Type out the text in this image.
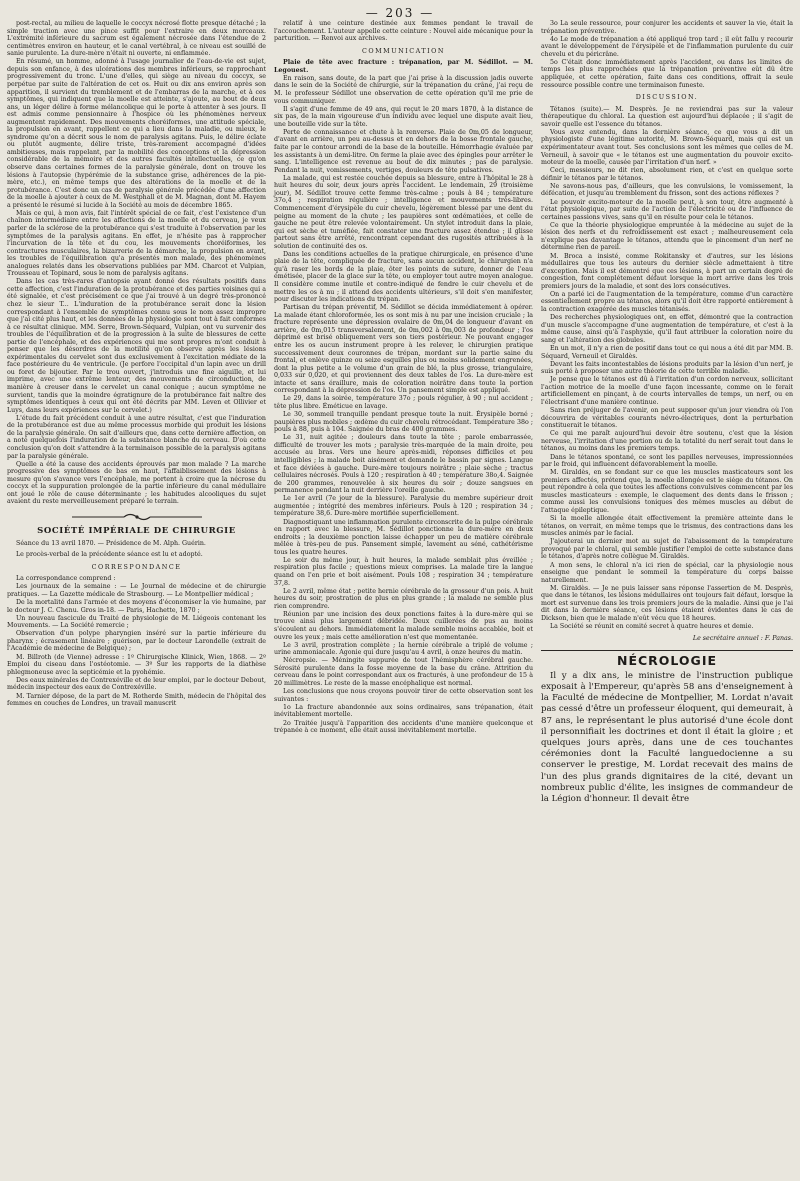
— 203 —

post-rectal, au milieu de laquelle le coccyx nécrosé flotte presque détaché ; la simple traction avec une pince suffit pour l'extraire en deux morceaux. L'extrémité inférieure du sacrum est également nécrosée dans l'étendue de 2 centimètres environ en hauteur, et le canal vertébral, à ce niveau est souillé de sanie purulente. La dure-mère n'était ni ouverte, ni enflammée.

En résumé, un homme, adonné à l'usage journalier de l'eau-de-vie est sujet, depuis son enfance, à des ulcérations des membres inférieurs, se rapprochant progressivement du tronc. L'une d'elles, qui siège au niveau du coccyx, se perpétue par suite de l'altération de cet os. Huit ou dix ans environ après son apparition, il survient du tremblement et de l'embarras de la marche, et à ces symptômes, qui indiquent que la moelle est atteinte, s'ajoute, au bout de deux ans, un léger délire à forme mélancolique qui le porte à attenter à ses jours. Il est admis comme pensionnaire à l'hospice où les phénomènes nerveux augmentent rapidement. Des mouvements choréiformes, une attitude spéciale, la propulsion en avant, rappellent ce qui a lieu dans la maladie, ou mieux, le syndrome qu'on a décrit sous le nom de paralysis agitans. Puis, le délire éclate ou plutôt augmente, délire triste, très-rarement accompagné d'idées ambitieuses, mais rappelant, par la mobilité des conceptions et la dépression considérable de la mémoire et des autres facultés intellectuelles, ce qu'on observe dans certaines formes de la paralysie générale, dont on trouve les lésions à l'autopsie (hypérémie de la substance grise, adhérences de la pie-mère, etc.), en même temps que des altérations de la moelle et de la protubérance. C'est donc un cas de paralysie générale précédée d'une affection de la moelle à ajouter à ceux de M. Westphall et de M. Magnan, dont M. Hayem a présenté le résumé si lucide à la Société au mois de décembre 1865.

Mais ce qui, à mon avis, fait l'intérêt spécial de ce fait, c'est l'existence d'un chaînon intermédiaire entre les affections de la moelle et du cerveau, je veux parler de la sclérose de la protubérance qui s'est traduite à l'observation par les symptômes de la paralysis agitans. En effet, je n'hésite pas à rapprocher l'incurvation de la tête et du cou, les mouvements choréiformes, les contractures musculaires, la bizarrerie de la démarche, la propulsion en avant, les troubles de l'équilibration qu'a présentés mon malade, des phénomènes analogues relatés dans les observations publiées par MM. Charcot et Vulpian, Trousseau et Topinard, sous le nom de paralysis agitans.

Dans les cas très-rares d'antopsie ayant donné des résultats positifs dans cette affection, c'est l'induration de la protubérance et des parties voisines qui a été signalée, et c'est précisément ce que j'ai trouvé à un degré très-prononcé chez le sieur T... L'induration de la protubérance serait donc la lésion correspondant à l'ensemble de symptômes connu sous le nom assez impropre que j'ai cité plus haut, et les données de la physiologie sont tout à fait conformes à ce résultat clinique. MM. Serre, Brown-Séquard, Vulpian, ont vu survenir des troubles de l'équilibration et de la progression à la suite de blessures de cette partie de l'encéphale, et des expériences qui me sont propres m'ont conduit à penser que les désordres de la motilité qu'on observe après les lésions expérimentales du cervelet sont dus exclusivement à l'excitation médiate de la face postérieure du 4e ventricule. (Je perfore l'occipital d'un lapin avec un drill ou foret de bijoutier. Par le trou ouvert, j'introduis une fine aiguille, et lui imprime, avec une extrême lenteur, des mouvements de circonduction, de manière à creuser dans le cervelet un canal conique ; aucun symptôme ne survient, tandis que la moindre égratignure de la protubérance fait naître des symptômes identiques à ceux qui ont été décrits par MM. Leven et Ollivier et Luys, dans leurs expériences sur le cervelet.)

L'étude du fait précédent conduit à une autre résultat, c'est que l'induration de la protubérance est due au même processus morbide qui produit les lésions de la paralysie générale. On sait d'ailleurs que, dans cette dernière affection, on a noté quelquefois l'induration de la substance blanche du cerveau. D'où cette conclusion qu'on doit s'attendre à la terminaison possible de la paralysis agitans par la paralysie générale.

Quelle a été la cause des accidents éprouvés par mon malade ? La marche progressive des symptômes de bas en haut, l'affaiblissement des lésions à mesure qu'on s'avance vers l'encéphale, me portent à croire que la nécrose du coccyx et la suppuration prolongée de la partie inférieure du canal médullaire ont joué le rôle de cause déterminante ; les habitudes alcooliques du sujet avaient du reste merveilleusement préparé le terrain.

SOCIÉTÉ IMPÉRIALE DE CHIRURGIE

Séance du 13 avril 1870. — Présidence de M. Alph. Guérin.

Le procès-verbal de la précédente séance est lu et adopté.

CORRESPONDANCE

La correspondance comprend :

Les journaux de la semaine : — Le Journal de médecine et de chirurgie pratiques. — La Gazette médicale de Strasbourg. — Le Montpellier médical ;

De la mortalité dans l'armée et des moyens d'économiser la vie humaine, par le docteur J. C. Chenu. Gros in-18. — Paris, Hachette, 1870 ;

Un nouveau fascicule du Traité de physiologie de M. Liégeois contenant les Mouvements. — La Société remercie ;

Observation d'un polype pharyngien inséré sur la partie inférieure du pharynx ; écrasement linéaire ; guérison, par le docteur Larondelle (extrait de l'Académie de médecine de Belgique) ;

M. Billroth (de Vienne) adresse : 1º Chirurgische Klinick, Wien, 1868. — 2º Emploi du ciseau dans l'ostéotomie. — 3º Sur les rapports de la diathèse phlegmoneuse avec la septicémie et la pyohémie.

Des eaux minérales de Contrexéville et de leur emploi, par le docteur Debout, médecin inspecteur des eaux de Contrexéville.

M. Tarnier dépose, de la part de M. Rotherde Smith, médecin de l'hôpital des femmes en couches de Londres, un travail manuscrit

relatif à une ceinture destinée aux femmes pendant le travail de l'accouchement. L'auteur appelle cette ceinture : Nouvel aide mécanique pour la parturition. — Renvoi aux archives.

COMMUNICATION

Plaie de tête avec fracture : trépanation, par M. Sédillot. — M. Legouest.

En raison, sans doute, de la part que j'ai prise à la discussion jadis ouverte dans le sein de la Société de chirurgie, sur la trépanation du crâne, j'ai reçu de M. le professeur Sédillot une observation de cette opération qu'il me prie de vous communiquer.

Il s'agit d'une femme de 49 ans, qui reçut le 20 mars 1870, à la distance de six pas, de la main vigoureuse d'un individu avec lequel une dispute avait lieu, une bouteille vide sur la tête.

Perte de connaissance et chute à la renverse. Plaie de 0m,05 de longueur, d'avant en arrière, un peu au-dessus et en dehors de la bosse frontale gauche, faite par le contour arrondi de la base de la bouteille. Hémorrhagie évaluée par les assistants à un demi-litre. On ferme la plaie avec des épingles pour arrêter le sang. L'intelligence est revenue au bout de dix minutes ; pas de paralysie. Pendant la nuit, vomissements, vertiges, douleurs de tête pulsatives.

La malade, qui est restée couchée depuis sa blessure, entre à l'hôpital le 28 à huit heures du soir, deux jours après l'accident. Le lendemain, 29 (troisième jour), M. Sédillot trouve cette femme très-calme ; pouls à 84 ; température 37o,4 ; respiration régulière ; intelligence et mouvements très-libres. Commencement d'érysipèle du cuir chevelu, légèrement blessé par une dent du peigne au moment de la chute ; les paupières sont œdématiées, et celle de gauche ne peut être relevée volontairement. Un stylet introduit dans la plaie, qui est sèche et tuméfiée, fait constater une fracture assez étendue ; il glisse partout sans être arrêté, rencontrant cependant des rugosités attribuées à la solution de continuité des os.

Dans les conditions actuelles de la pratique chirurgicale, en présence d'une plaie de la tête, compliquée de fracture, sans aucun accident, le chirurgien n'a qu'à raser les bords de la plaie, ôter les points de suture, donner de l'eau émétisée, placer de la glace sur la tête, ou employer tout autre moyen analogue. Il considère comme inutile et contre-indiqué de fendre le cuir chevelu et de mettre les os à nu ; il attend des accidents ultérieurs, s'il doit s'en manifester, pour discuter les indications du trépan.

Partisan du trépan préventif, M. Sédillot se décida immédiatement à opérer. La malade étant chloroformée, les os sont mis à nu par une incision cruciale ; la fracture représente une dépression ovalaire de 0m,04 de longueur d'avant en arrière, de 0m,015 transversalement, de 0m,002 à 0m,003 de profondeur ; l'os déprimé est brisé obliquement vers son tiers postérieur. Ne pouvant engager entre les os aucun instrument propre à les relever, le chirurgien pratique successivement deux couronnes de trépan, mordant sur la partie saine du frontal, et enlève quinze ou seize esquilles plus ou moins solidement engrenées, dont la plus petite a le volume d'un grain de blé, la plus grosse, triangulaire, 0,033 sur 0,020, et qui proviennent des deux tables de l'os. La dure-mère est intacte et sans éraillure, mais de coloration noirâtre dans toute la portion correspondant à la dépression de l'os. Un pansement simple est appliqué.

Le 29, dans la soirée, température 37o ; pouls régulier, à 90 ; nul accident ; tête plus libre. Éméticue en lavage.

Le 30, sommeil tranquille pendant presque toute la nuit. Érysipèle borné ; paupières plus mobiles ; œdème du cuir chevelu rétrocédant. Température 38o ; pouls à 88, puis à 104. Saignée du bras de 400 grammes.

Le 31, nuit agitée ; douleurs dans toute la tête ; parole embarrassée, difficulté de trouver les mots ; paralysie très-marquée de la main droite, peu accusée au bras. Vers une heure après-midi, réponses difficiles et peu intelligibles ; la malade boit aisément et demande le bassin par signes. Langue et face déviées à gauche. Dure-mère toujours noirâtre ; plaie sèche ; tractus cellulaires nécrosés. Pouls à 120 ; respiration à 40 ; température 38o,4. Saignée de 200 grammes, renouvelée à six heures du soir ; douze sangsues en permanence pendant la nuit derrière l'oreille gauche.

Le 1er avril (7e jour de la blessure). Paralysie du membre supérieur droit augmentée ; intégrité des membres inférieurs. Pouls à 120 ; respiration 34 ; température 38,6. Dure-mère mortifiée superficiellement.

Diagnostiquant une inflammation purulente circonscrite de la pulpe cérébrale en rapport avec la blessure, M. Sédillot ponctionne la dure-mère en deux endroits ; la deuxième ponction laisse échapper un peu de matière cérébrale mêlée à très-peu de pus. Pansement simple, lavement au séné, cathétérisme tous les quatre heures.

Le soir du même jour, à huit heures, la malade semblait plus éveillée ; respiration plus facile ; questions mieux comprises. La malade tire la langue quand on l'en prie et boit aisément. Pouls 108 ; respiration 34 ; température 37,8.

Le 2 avril, même état ; petite hernie cérébrale de la grosseur d'un pois. A huit heures du soir, prostration de plus en plus grande ; la malade ne semble plus rien comprendre.

Réunion par une incision des deux ponctions faites à la dure-mère qui se trouve ainsi plus largement débridée. Deux cuillerées de pus au moins s'écoulent au dehors. Immédiatement la malade semble moins accablée, boit et ouvre les yeux ; mais cette amélioration n'est que momentanée.

Le 3 avril, prostration complète ; la hernie cérébrale a triplé de volume ; urine ammoniacale. Agonie qui dure jusqu'au 4 avril, à onze heures du matin.

Nécropsie. — Méningite suppurée de tout l'hémisphère cérébral gauche. Sérosité purulente dans la fosse moyenne de la base du crâne. Attrition du cerveau dans le point correspondant aux os fracturés, à une profondeur de 15 à 20 millimètres. Le reste de la masse encéphalique est normal.

Les conclusions que nous croyons pouvoir tirer de cette observation sont les suivantes :

1o La fracture abandonnée aux soins ordinaires, sans trépanation, était inévitablement mortelle.

2o Traitée jusqu'à l'apparition des accidents d'une manière quelconque et trépanée à ce moment, elle était aussi inévitablement mortelle.

3o La seule ressource, pour conjurer les accidents et sauver la vie, était la trépanation préventive.

4o Le mode de trépanation a été appliqué trop tard ; il eût fallu y recourir avant le développement de l'érysipèle et de l'inflammation purulente du cuir chevelu et du péricrâne.

5o C'était donc immédiatement après l'accident, ou dans les limites de temps les plus rapprochées que la trépanation préventive eût dû être appliquée, et cette opération, faite dans ces conditions, offrait la seule ressource possible contre une terminaison funeste.

DISCUSSION.

Tétanos (suite).— M. Desprès. Je ne reviendrai pas sur la valeur thérapeutique du chloral. La question est aujourd'hui déplacée ; il s'agit de savoir quelle est l'essence du tétanos.

Vous avez entendu, dans la dernière séance, ce que vous a dit un physiologiste d'une légitime autorité, M. Brown-Séquard, mais qui est un expérimentateur avant tout. Ses conclusions sont les mêmes que celles de M. Verneuil, à savoir que « le tétanos est une augmentation du pouvoir excito-moteur de la moelle, causée par l'irritation d'un nerf. »

Ceci, messieurs, ne dit rien, absolument rien, et c'est en quelque sorte définir le tétanos par le tétanos.

Ne savons-nous pas, d'ailleurs, que les convulsions, le vomissement, la défécation, et jusqu'au tremblement du frisson, sont des actions réflexes ?

Le pouvoir excito-moteur de la moelle peut, à son tour, être augmenté à l'état physiologique, par suite de l'action de l'électricité ou de l'influence de certaines passions vives, sans qu'il en résulte pour cela le tétanos.

Ce que la théorie physiologique empruntée à la médecine au sujet de la lésion des nerfs et du refroidissement est exact ; malheureusement cela n'explique pas davantage le tétanos, attendu que le pincement d'un nerf ne détermine rien de pareil.

M. Broca a insisté, comme Rokitansky et d'autres, sur les lésions médullaires que tous les auteurs du dernier siècle admettaient à titre d'exception. Mais il est démontré que ces lésions, à part un certain degré de congestion, font complétement défaut lorsque la mort arrive dans les trois premiers jours de la maladie, et sont des lors consécutives.

On a parlé ici de l'augmentation de la température, comme d'un caractère essentiellement propre au tétanos, alors qu'il doit être rapporté entièrement à la contraction exagérée des muscles tétanisés.

Des recherches physiologiques ont, en effet, démontré que la contraction d'un muscle s'accompagne d'une augmentation de température, et c'est à la même cause, ainsi qu'à l'asphyxie, qu'il faut attribuer la coloration noire du sang et l'altération des globules.

En un mot, il n'y a rien de positif dans tout ce qui nous a été dit par MM. B. Séquard, Verneuil et Giraldès.

Devant les faits incontestables de lésions produits par la lésion d'un nerf, je suis porté à proposer une autre théorie de cette terrible maladie.

Je pense que le tétanos est dû à l'irritation d'un cordon nerveux, sollicitant l'action motrice de la moelle d'une façon incessante, comme on le ferait artificiellement en pinçant, à de courts intervalles de temps, un nerf, ou en l'électrisant d'une manière continue.

Sans rien préjuger de l'avenir, on peut supposer qu'un jour viendra où l'on découvrira de véritables courants névro-électriques, dont la perturbation constituerait le tétanos.

Ce qui me paraît aujourd'hui devoir être soutenu, c'est que la lésion nerveuse, l'irritation d'une portion ou de la totalité du nerf serait tout dans le tétanos, au moins dans les premiers temps.

Dans le tétanos spontané, ce sont les papilles nerveuses, impressionnées par le froid, qui influencent défavorablement la moelle.

M. Giraldès, en se fondant sur ce que les muscles masticateurs sont les premiers affectés, prétend que, la moelle allongée est le siége du tétanos. On peut répondre à cela que toutes les affections convulsives commencent par les muscles masticateurs : exemple, le claquement des dents dans le frisson ; comme aussi les convulsions toniques des mêmes muscles au début de l'attaque épileptique.

Si la moelle allongée était effectivement la première atteinte dans le tétanos, on verrait, en même temps que le trismus, des contractions dans les muscles animés par le facial.

J'ajouterai un dernier mot au sujet de l'abaissement de la température provoqué par le chloral, qui semble justifier l'emploi de cette substance dans le tétanos, d'après notre collègue M. Giraldès.

A mon sens, le chloral n'a ici rien de spécial, car la physiologie nous enseigne que pendant le sommeil la température du corps baisse naturellement.

M. Giraldès. — Je ne puis laisser sans réponse l'assertion de M. Desprès, que dans le tétanos, les lésions médullaires ont toujours fait défaut, lorsque la mort est survenue dans les trois premiers jours de la maladie. Ainsi que je l'ai dit dans la dernière séance, ces lésions étaient évidentes dans le cas de Dickson, bien que le malade n'eût vécu que 18 heures.

La Société se réunit en comité secret à quatre heures et demie.

Le secrétaire annuel : F. Panas.

NÉCROLOGIE

Il y a dix ans, le ministre de l'instruction publique exposait à l'Empereur, qu'après 58 ans d'enseignement à la Faculté de médecine de Montpellier, M. Lordat n'avait pas cessé d'être un professeur éloquent, qui demeurait, à 87 ans, le représentant le plus autorisé d'une école dont il personnifiait les doctrines et dont il était la gloire ; et quelques jours après, dans une de ces touchantes cérémonies dont la Faculté languedocienne a su conserver le prestige, M. Lordat recevait des mains de l'un des plus grands dignitaires de la cité, devant un nombreux public d'élite, les insignes de commandeur de la Légion d'honneur. Il devait être
